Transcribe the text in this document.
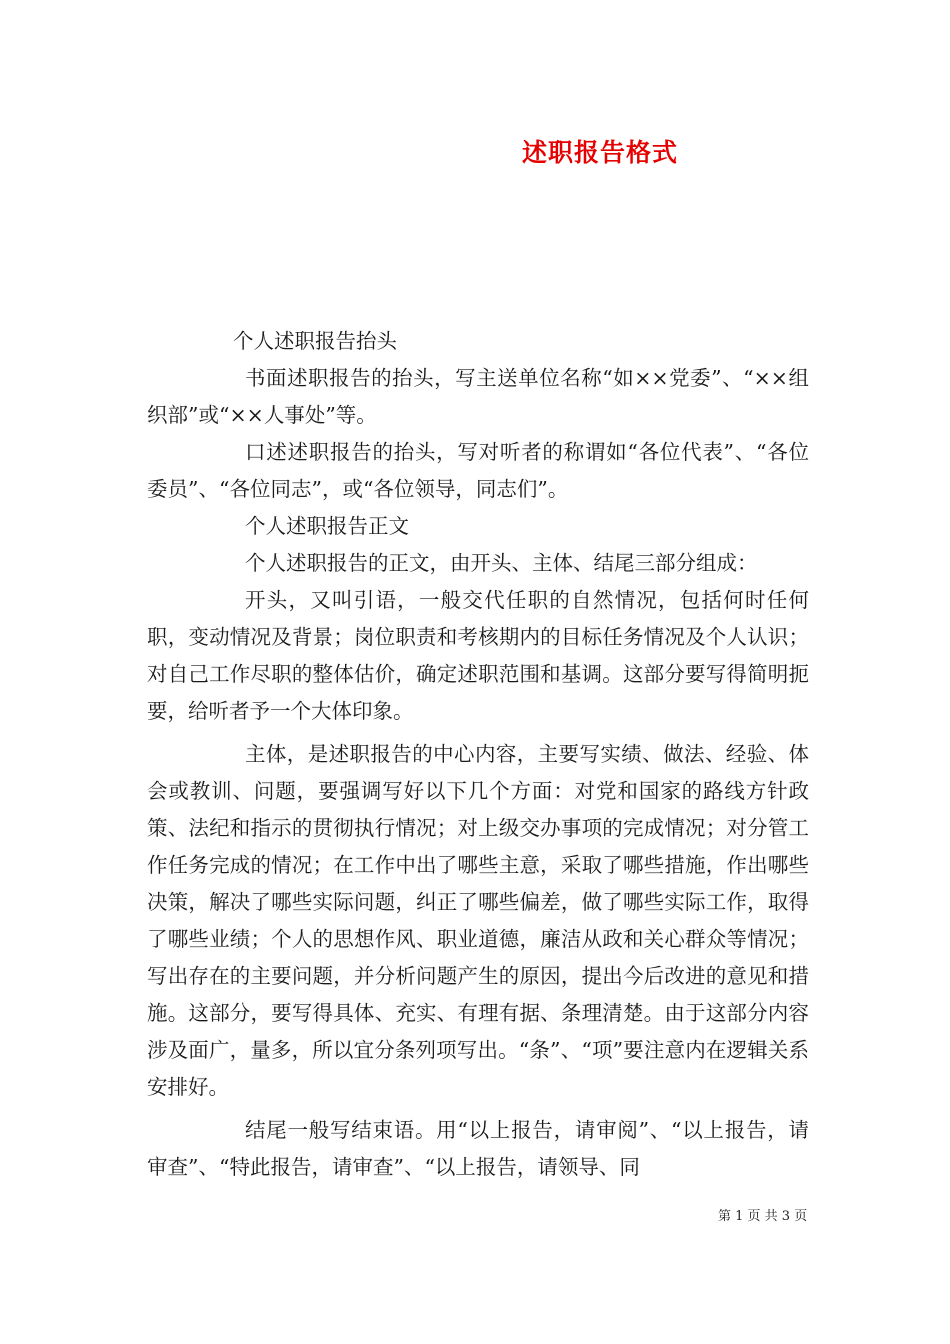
述职报告格式

个人述职报告抬头

书面述职报告的抬头，写主送单位名称“如××党委”、“××组织部”或“××人事处”等。

口述述职报告的抬头，写对听者的称谓如“各位代表”、“各位委员”、“各位同志”，或“各位领导，同志们”。

个人述职报告正文

个人述职报告的正文，由开头、主体、结尾三部分组成：

开头，又叫引语，一般交代任职的自然情况，包括何时任何职，变动情况及背景；岗位职责和考核期内的目标任务情况及个人认识；对自己工作尽职的整体估价，确定述职范围和基调。这部分要写得简明扼要，给听者予一个大体印象。

主体，是述职报告的中心内容，主要写实绩、做法、经验、体会或教训、问题，要强调写好以下几个方面：对党和国家的路线方针政策、法纪和指示的贯彻执行情况；对上级交办事项的完成情况；对分管工作任务完成的情况；在工作中出了哪些主意，采取了哪些措施，作出哪些决策，解决了哪些实际问题，纠正了哪些偏差，做了哪些实际工作，取得了哪些业绩；个人的思想作风、职业道德，廉洁从政和关心群众等情况；写出存在的主要问题，并分析问题产生的原因，提出今后改进的意见和措施。这部分，要写得具体、充实、有理有据、条理清楚。由于这部分内容涉及面广，量多，所以宜分条列项写出。“条”、“项”要注意内在逻辑关系安排好。

结尾一般写结束语。用“以上报告，请审阅”、“以上报告，请审查”、“特此报告，请审查”、“以上报告，请领导、同

第 1 页 共 3 页
